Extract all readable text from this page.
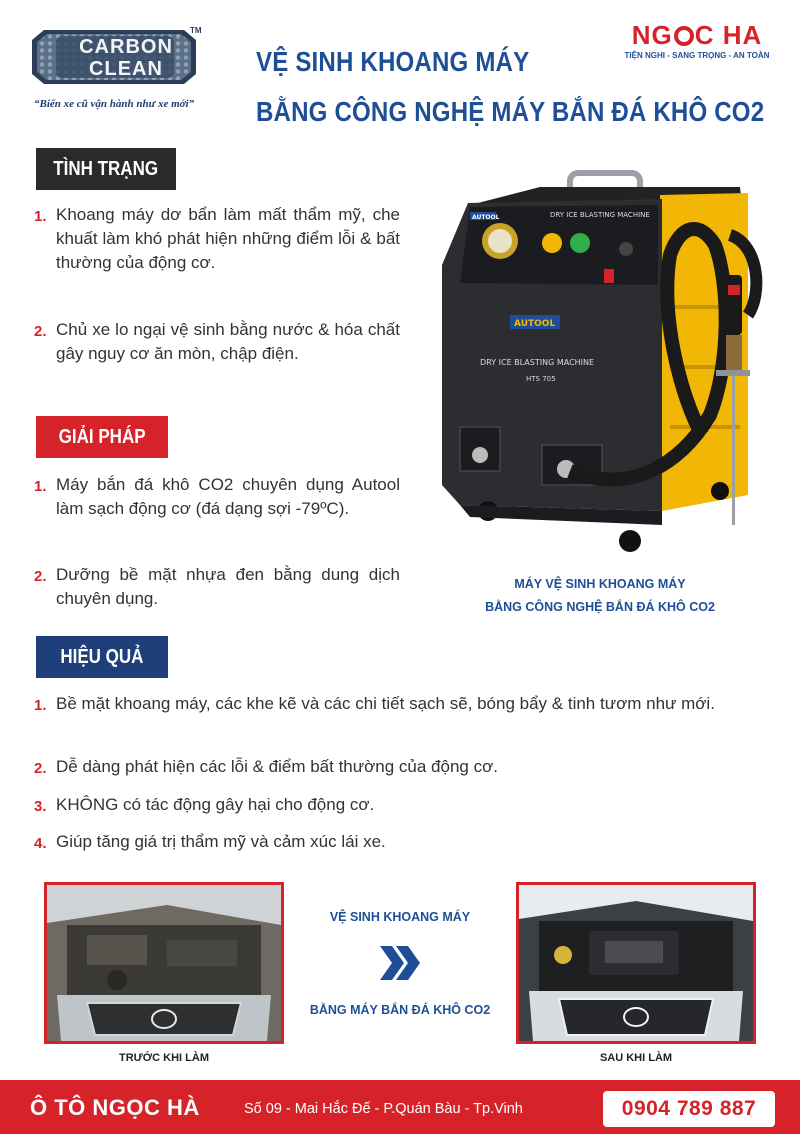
CARBON
CLEAN
TM
“Biến xe cũ vận hành như xe mới”
VỆ SINH KHOANG MÁY
BẰNG CÔNG NGHỆ MÁY BẮN ĐÁ KHÔ CO2
NG C HA
TIỆN NGHI - SANG TRỌNG - AN TOÀN
TÌNH TRẠNG
1. Khoang máy dơ bẩn làm mất thẩm mỹ, che khuất làm khó phát hiện những điểm lỗi & bất thường của động cơ.
2. Chủ xe lo ngại vệ sinh bằng nước & hóa chất gây nguy cơ ăn mòn, chập điện.
GIẢI PHÁP
1. Máy bắn đá khô CO2 chuyên dụng Autool làm sạch động cơ (đá dạng sợi -79ºC).
2. Dưỡng bề mặt nhựa đen bằng dung dịch chuyên dụng.
DRY ICE BLASTING MACHINE
AUTOOL
AUTOOL
DRY ICE BLASTING MACHINE
HTS 705
MÁY VỆ SINH KHOANG MÁY
BẰNG CÔNG NGHỆ BẮN ĐÁ KHÔ CO2
HIỆU QUẢ
1. Bề mặt khoang máy, các khe kẽ và các chi tiết sạch sẽ, bóng bẩy & tinh tươm như mới.
2. Dễ dàng phát hiện các lỗi & điểm bất thường của động cơ.
3. KHÔNG có tác động gây hại cho động cơ.
4. Giúp tăng giá trị thẩm mỹ và cảm xúc lái xe.
TRƯỚC KHI LÀM
VỆ SINH KHOANG MÁY
BẰNG MÁY BẮN ĐÁ KHÔ CO2
SAU KHI LÀM
Ô TÔ NGỌC HÀ	Số 09 - Mai Hắc Đế - P.Quán Bàu - Tp.Vinh	0904 789 887
